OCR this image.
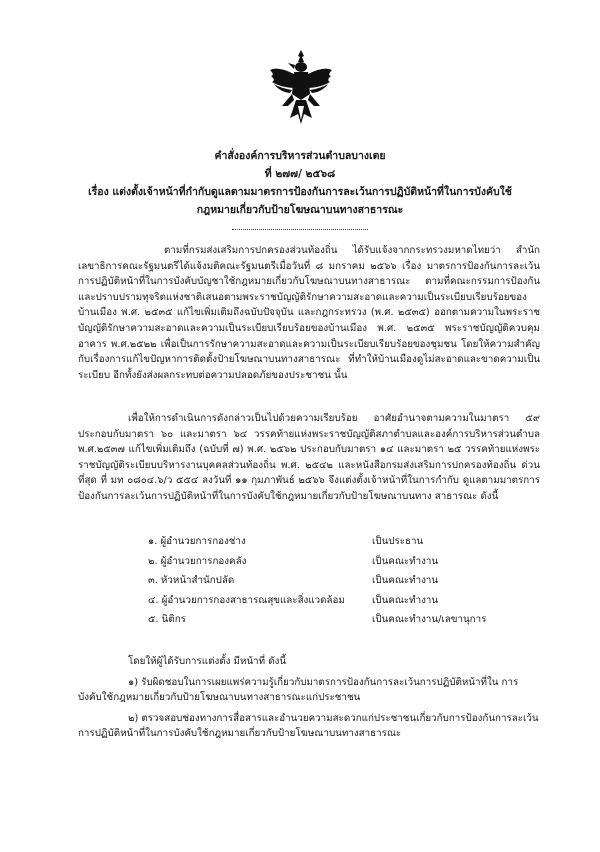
คำสั่งองค์การบริหารส่วนตำบลบางเตย
ที่ ๒๗๗/ ๒๕๖๘
เรื่อง แต่งตั้งเจ้าหน้าที่กำกับดูแลตามมาตรการป้องกันการละเว้นการปฏิบัติหน้าที่ในการบังคับใช้
กฎหมายเกี่ยวกับป้ายโฆษณาบนทางสาธารณะ

ตามที่กรมส่งเสริมการปกครองส่วนท้องถิ่น ได้รับแจ้งจากกระทรวงมหาดไทยว่า สำนักเลขาธิการคณะรัฐมนตรีได้แจ้งมติคณะรัฐมนตรีเมื่อวันที่ ๘ มกราคม ๒๕๖๖ เรื่อง มาตรการป้องกันการละเว้นการปฏิบัติหน้าที่ในการบังคับบัญชาใช้กฎหมายเกี่ยวกับโฆษณาบนทางสาธารณะ ตามที่คณะกรรมการป้องกันและปราบปรามทุจริตแห่งชาติเสนอตามพระราชบัญญัติรักษาความสะอาดและความเป็นระเบียบเรียบร้อยของบ้านเมือง พ.ศ. ๒๕๓๕ แก้ไขเพิ่มเติมถึงฉบับปัจจุบัน และกฎกระทรวง (พ.ศ. ๒๕๓๕) ออกตามความในพระราชบัญญัติรักษาความสะอาดและความเป็นระเบียบเรียบร้อยของบ้านเมือง พ.ศ. ๒๕๓๕ พระราชบัญญัติควบคุมอาคาร พ.ศ.๒๕๒๒ เพื่อเป็นการรักษาความสะอาดและความเป็นระเบียบเรียบร้อยของชุมชน โดยให้ความสำคัญกับเรื่องการแก้ไขปัญหาการติดตั้งป้ายโฆษณาบนทางสาธารณะ ที่ทำให้บ้านเมืองดูไม่สะอาดและขาดความเป็นระเบียบ อีกทั้งยังส่งผลกระทบต่อความปลอดภัยของประชาชน นั้น

เพื่อให้การดำเนินการดังกล่าวเป็นไปด้วยความเรียบร้อย อาศัยอำนาจตามความในมาตรา ๕๙ ประกอบกับมาตรา ๖๐ และมาตรา ๖๔ วรรคท้ายแห่งพระราชบัญญัติสภาตำบลและองค์การบริหารส่วนตำบล พ.ศ.๒๕๓๗ แก้ไขเพิ่มเติมถึง (ฉบับที่ ๗) พ.ศ. ๒๕๖๒ ประกอบกับมาตรา ๑๔ และมาตรา ๒๕ วรรคท้ายแห่งพระราชบัญญัติระเบียบบริหารงานบุคคลส่วนท้องถิ่น พ.ศ. ๒๕๔๒ และหนังสือกรมส่งเสริมการปกครองท้องถิ่น ด่วนที่สุด ที่ มท ๐๘๐๔.๖/ว ๕๕๔ ลงวันที่ ๑๑ กุมภาพันธ์ ๒๕๖๖ จึงแต่งตั้งเจ้าหน้าที่ในการกำกับ ดูแลตามมาตรการป้องกันการละเว้นการปฏิบัติหน้าที่ในการบังคับใช้กฎหมายเกี่ยวกับป้ายโฆษณาบนทาง สาธารณะ ดังนี้

๑. ผู้อำนวยการกองช่าง	เป็นประธาน
๒. ผู้อำนวยการกองคลัง	เป็นคณะทำงาน
๓. หัวหน้าสำนักปลัด	เป็นคณะทำงาน
๔. ผู้อำนวยการกองสาธารณสุขและสิ่งแวดล้อม	เป็นคณะทำงาน
๕. นิติกร	เป็นคณะทำงาน/เลขานุการ

โดยให้ผู้ได้รับการแต่งตั้ง มีหน้าที่ ดังนี้

๑) รับผิดชอบในการเผยแพร่ความรู้เกี่ยวกับมาตรการป้องกันการละเว้นการปฏิบัติหน้าที่ใน การบังคับใช้กฎหมายเกี่ยวกับป้ายโฆษณาบนทางสาธารณะแก่ประชาชน

๒) ตรวจสอบช่องทางการสื่อสารและอำนวยความสะดวกแก่ประชาชนเกี่ยวกับการป้องกันการละเว้นการปฏิบัติหน้าที่ในการบังคับใช้กฎหมายเกี่ยวกับป้ายโฆษณาบนทางสาธารณะ
